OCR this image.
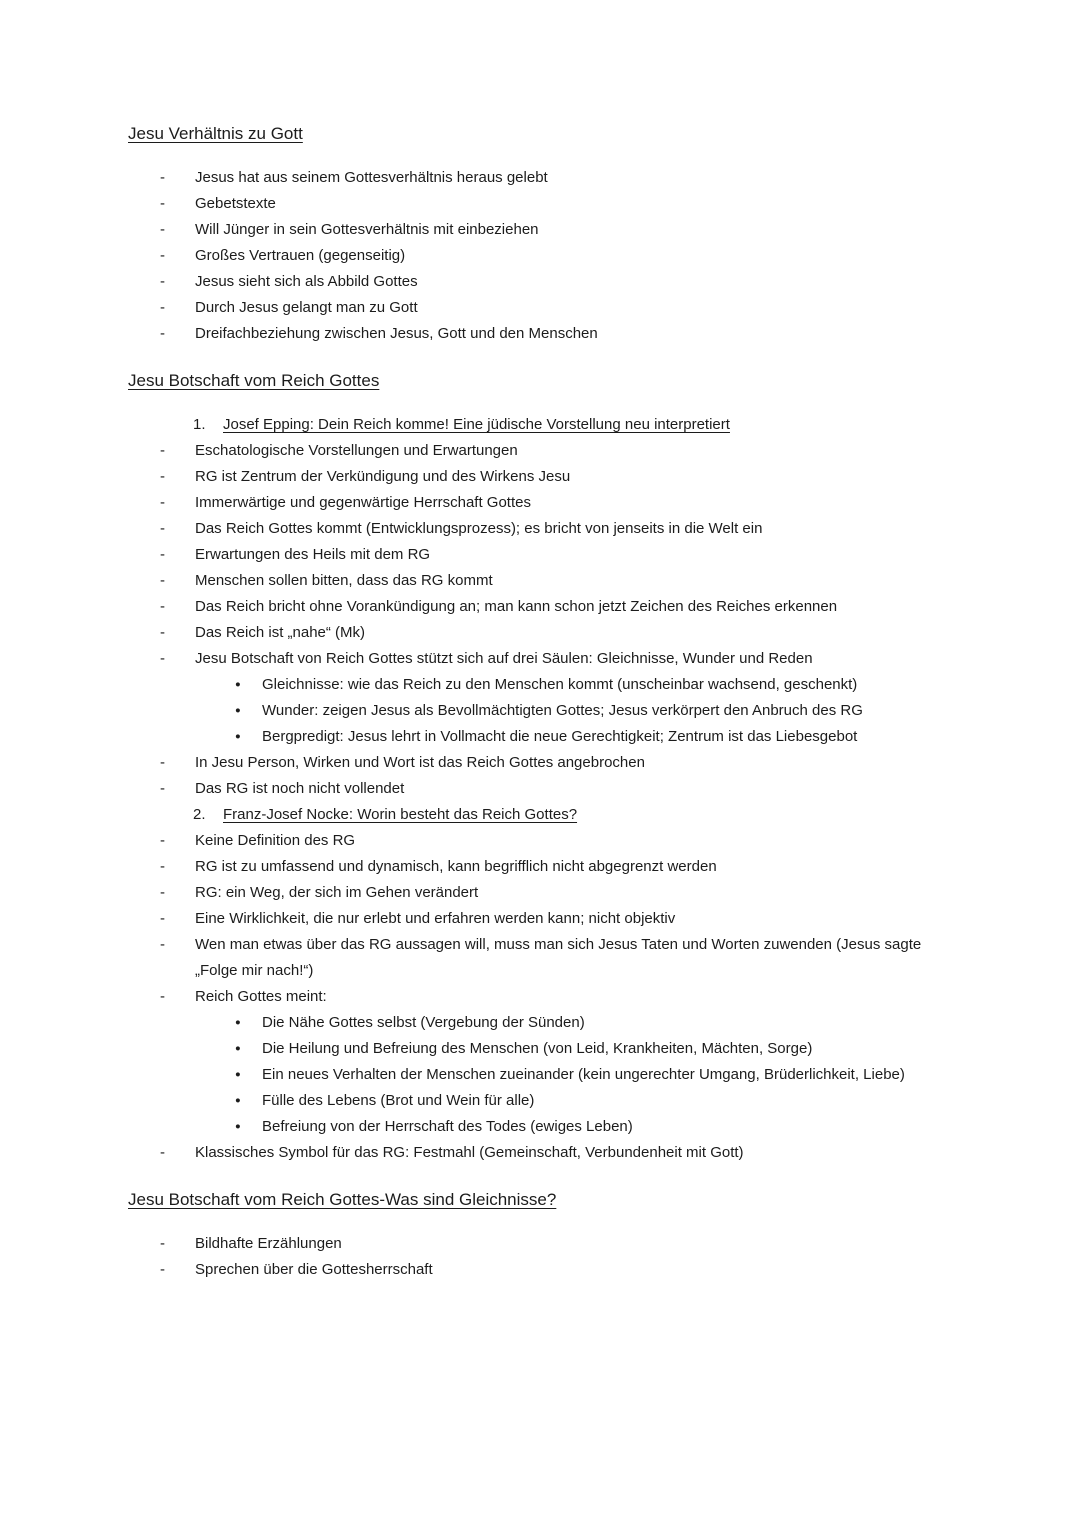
Jesu Verhältnis zu Gott
-	Jesus hat aus seinem Gottesverhältnis heraus gelebt
-	Gebetstexte
-	Will Jünger in sein Gottesverhältnis mit einbeziehen
-	Großes Vertrauen (gegenseitig)
-	Jesus sieht sich als Abbild Gottes
-	Durch Jesus gelangt man zu Gott
-	Dreifachbeziehung zwischen Jesus, Gott und den Menschen
Jesu Botschaft vom Reich Gottes
1.	Josef Epping: Dein Reich komme! Eine jüdische Vorstellung neu interpretiert
-	Eschatologische Vorstellungen und Erwartungen
-	RG ist Zentrum der Verkündigung und des Wirkens Jesu
-	Immerwärtige und gegenwärtige Herrschaft Gottes
-	Das Reich Gottes kommt (Entwicklungsprozess); es bricht von jenseits in die Welt ein
-	Erwartungen des Heils mit dem RG
-	Menschen sollen bitten, dass das RG kommt
-	Das Reich bricht ohne Vorankündigung an; man kann schon jetzt Zeichen des Reiches erkennen
-	Das Reich ist „nahe“ (Mk)
-	Jesu Botschaft von Reich Gottes stützt sich auf drei Säulen: Gleichnisse, Wunder und Reden
●	Gleichnisse: wie das Reich zu den Menschen kommt (unscheinbar wachsend, geschenkt)
●	Wunder: zeigen Jesus als Bevollmächtigten Gottes; Jesus verkörpert den Anbruch des RG
●	Bergpredigt: Jesus lehrt in Vollmacht die neue Gerechtigkeit; Zentrum ist das Liebesgebot
-	In Jesu Person, Wirken und Wort ist das Reich Gottes angebrochen
-	Das RG ist noch nicht vollendet
2.	Franz-Josef Nocke: Worin besteht das Reich Gottes?
-	Keine Definition des RG
-	RG ist zu umfassend und dynamisch, kann begrifflich nicht abgegrenzt werden
-	RG: ein Weg, der sich im Gehen verändert
-	Eine Wirklichkeit, die nur erlebt und erfahren werden kann; nicht objektiv
-	Wen man etwas über das RG aussagen will, muss man sich Jesus Taten und Worten zuwenden (Jesus sagte „Folge mir nach!“)
-	Reich Gottes meint:
●	Die Nähe Gottes selbst (Vergebung der Sünden)
●	Die Heilung und Befreiung des Menschen (von Leid, Krankheiten, Mächten, Sorge)
●	Ein neues Verhalten der Menschen zueinander (kein ungerechter Umgang, Brüderlichkeit, Liebe)
●	Fülle des Lebens (Brot und Wein für alle)
●	Befreiung von der Herrschaft des Todes (ewiges Leben)
-	Klassisches Symbol für das RG: Festmahl (Gemeinschaft, Verbundenheit mit Gott)
Jesu Botschaft vom Reich Gottes-Was sind Gleichnisse?
-	Bildhafte Erzählungen
-	Sprechen über die Gottesherrschaft
